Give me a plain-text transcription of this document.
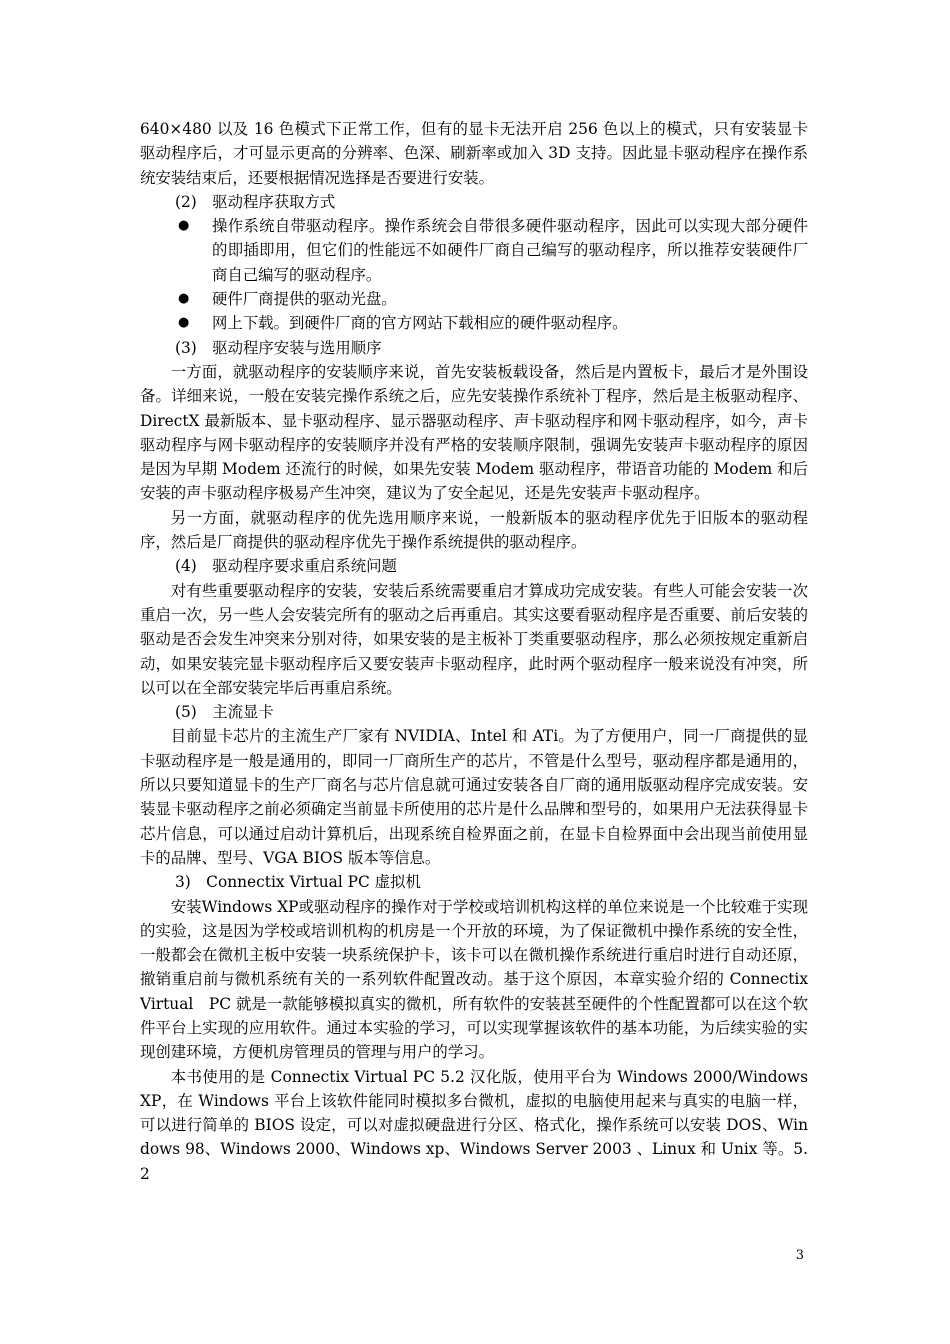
640×480 以及 16 色模式下正常工作，但有的显卡无法开启 256 色以上的模式，只有安装显卡驱动程序后，才可显示更高的分辨率、色深、刷新率或加入 3D 支持。因此显卡驱动程序在操作系统安装结束后，还要根据情况选择是否要进行安装。

(2)　驱动程序获取方式

●	操作系统自带驱动程序。操作系统会自带很多硬件驱动程序，因此可以实现大部分硬件的即插即用，但它们的性能远不如硬件厂商自己编写的驱动程序，所以推荐安装硬件厂商自己编写的驱动程序。
●	硬件厂商提供的驱动光盘。
●	网上下载。到硬件厂商的官方网站下载相应的硬件驱动程序。

(3)　驱动程序安装与选用顺序

一方面，就驱动程序的安装顺序来说，首先安装板载设备，然后是内置板卡，最后才是外围设备。详细来说，一般在安装完操作系统之后，应先安装操作系统补丁程序，然后是主板驱动程序、DirectX 最新版本、显卡驱动程序、显示器驱动程序、声卡驱动程序和网卡驱动程序，如今，声卡驱动程序与网卡驱动程序的安装顺序并没有严格的安装顺序限制，强调先安装声卡驱动程序的原因是因为早期 Modem 还流行的时候，如果先安装 Modem 驱动程序，带语音功能的 Modem 和后安装的声卡驱动程序极易产生冲突，建议为了安全起见，还是先安装声卡驱动程序。

另一方面，就驱动程序的优先选用顺序来说，一般新版本的驱动程序优先于旧版本的驱动程序，然后是厂商提供的驱动程序优先于操作系统提供的驱动程序。

(4)　驱动程序要求重启系统问题

对有些重要驱动程序的安装，安装后系统需要重启才算成功完成安装。有些人可能会安装一次重启一次，另一些人会安装完所有的驱动之后再重启。其实这要看驱动程序是否重要、前后安装的驱动是否会发生冲突来分别对待，如果安装的是主板补丁类重要驱动程序，那么必须按规定重新启动，如果安装完显卡驱动程序后又要安装声卡驱动程序，此时两个驱动程序一般来说没有冲突，所以可以在全部安装完毕后再重启系统。

(5)　主流显卡

目前显卡芯片的主流生产厂家有 NVIDIA、Intel 和 ATi。为了方便用户，同一厂商提供的显卡驱动程序是一般是通用的，即同一厂商所生产的芯片，不管是什么型号，驱动程序都是通用的，所以只要知道显卡的生产厂商名与芯片信息就可通过安装各自厂商的通用版驱动程序完成安装。安装显卡驱动程序之前必须确定当前显卡所使用的芯片是什么品牌和型号的，如果用户无法获得显卡芯片信息，可以通过启动计算机后，出现系统自检界面之前，在显卡自检界面中会出现当前使用显卡的品牌、型号、VGA BIOS 版本等信息。

3)　Connectix Virtual PC 虚拟机

安装Windows XP或驱动程序的操作对于学校或培训机构这样的单位来说是一个比较难于实现的实验，这是因为学校或培训机构的机房是一个开放的环境，为了保证微机中操作系统的安全性，一般都会在微机主板中安装一块系统保护卡，该卡可以在微机操作系统进行重启时进行自动还原，撤销重启前与微机系统有关的一系列软件配置改动。基于这个原因，本章实验介绍的 Connectix　Virtual　PC 就是一款能够模拟真实的微机，所有软件的安装甚至硬件的个性配置都可以在这个软件平台上实现的应用软件。通过本实验的学习，可以实现掌握该软件的基本功能，为后续实验的实现创建环境，方便机房管理员的管理与用户的学习。

本书使用的是 Connectix Virtual PC 5.2 汉化版，使用平台为 Windows 2000/Windows XP，在 Windows 平台上该软件能同时模拟多台微机，虚拟的电脑使用起来与真实的电脑一样，可以进行简单的 BIOS 设定，可以对虚拟硬盘进行分区、格式化，操作系统可以安装 DOS、Windows 98、Windows 2000、Windows xp、Windows Server 2003 、Linux 和 Unix 等。5.2

3
